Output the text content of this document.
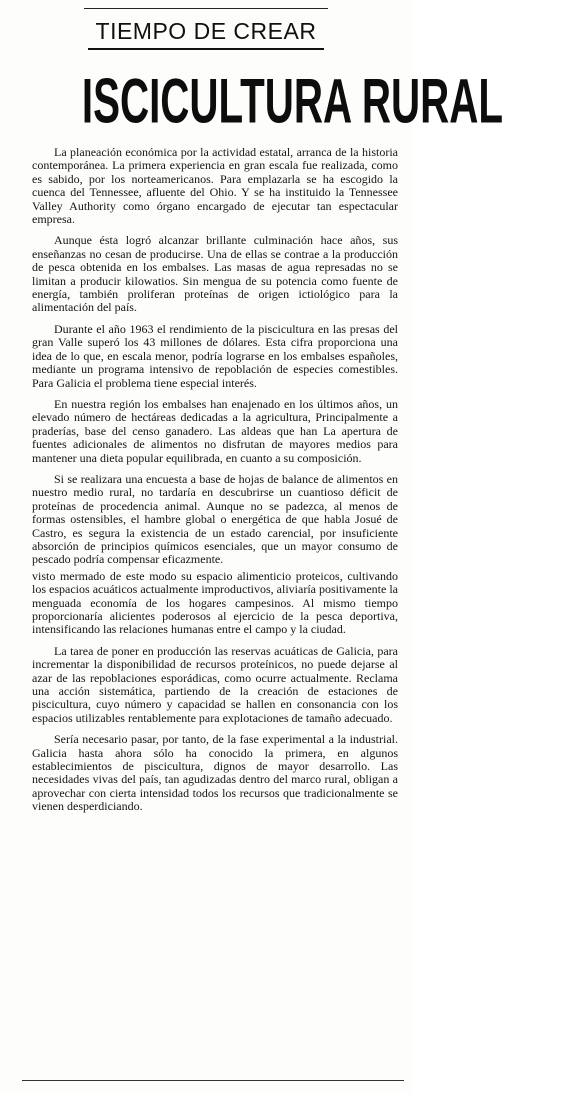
TIEMPO DE CREAR
ISCICULTURA RURAL

La planeación económica por la actividad estatal, arranca de la historia contemporánea. La primera experiencia en gran escala fue realizada, como es sabido, por los norteamericanos. Para emplazarla se ha escogido la cuenca del Tennessee, afluente del Ohio. Y se ha instituido la Tennessee Valley Authority como órgano encargado de ejecutar tan espectacular empresa.

Aunque ésta logró alcanzar brillante culminación hace años, sus enseñanzas no cesan de producirse. Una de ellas se contrae a la producción de pesca obtenida en los embalses. Las masas de agua represadas no se limitan a producir kilowatios. Sin mengua de su potencia como fuente de energía, también proliferan proteínas de origen ictiológico para la alimentación del país.

Durante el año 1963 el rendimiento de la piscicultura en las presas del gran Valle superó los 43 millones de dólares. Esta cifra proporciona una idea de lo que, en escala menor, podría lograrse en los embalses españoles, mediante un programa intensivo de repoblación de especies comestibles. Para Galicia el problema tiene especial interés.

En nuestra región los embalses han enajenado en los últimos años, un elevado número de hectáreas dedicadas a la agricultura, Principalmente a praderías, base del censo ganadero. Las aldeas que han La apertura de fuentes adicionales de alimentos no disfrutan de mayores medios para mantener una dieta popular equilibrada, en cuanto a su composición.

Si se realizara una encuesta a base de hojas de balance de alimentos en nuestro medio rural, no tardaría en descubrirse un cuantioso déficit de proteínas de procedencia animal. Aunque no se padezca, al menos de formas ostensibles, el hambre global o energética de que habla Josué de Castro, es segura la existencia de un estado carencial, por insuficiente absorción de principios químicos esenciales, que un mayor consumo de pescado podría compensar eficazmente.

visto mermado de este modo su espacio alimenticio proteicos, cultivando los espacios acuáticos actualmente improductivos, aliviaría positivamente la menguada economía de los hogares campesinos. Al mismo tiempo proporcionaría alicientes poderosos al ejercicio de la pesca deportiva, intensificando las relaciones humanas entre el campo y la ciudad.

La tarea de poner en producción las reservas acuáticas de Galicia, para incrementar la disponibilidad de recursos proteínicos, no puede dejarse al azar de las repoblaciones esporádicas, como ocurre actualmente. Reclama una acción sistemática, partiendo de la creación de estaciones de piscicultura, cuyo número y capacidad se hallen en consonancia con los espacios utilizables rentablemente para explotaciones de tamaño adecuado.

Sería necesario pasar, por tanto, de la fase experimental a la industrial. Galicia hasta ahora sólo ha conocido la primera, en algunos establecimientos de piscicultura, dignos de mayor desarrollo. Las necesidades vivas del país, tan agudizadas dentro del marco rural, obligan a aprovechar con cierta intensidad todos los recursos que tradicionalmente se vienen desperdiciando.
